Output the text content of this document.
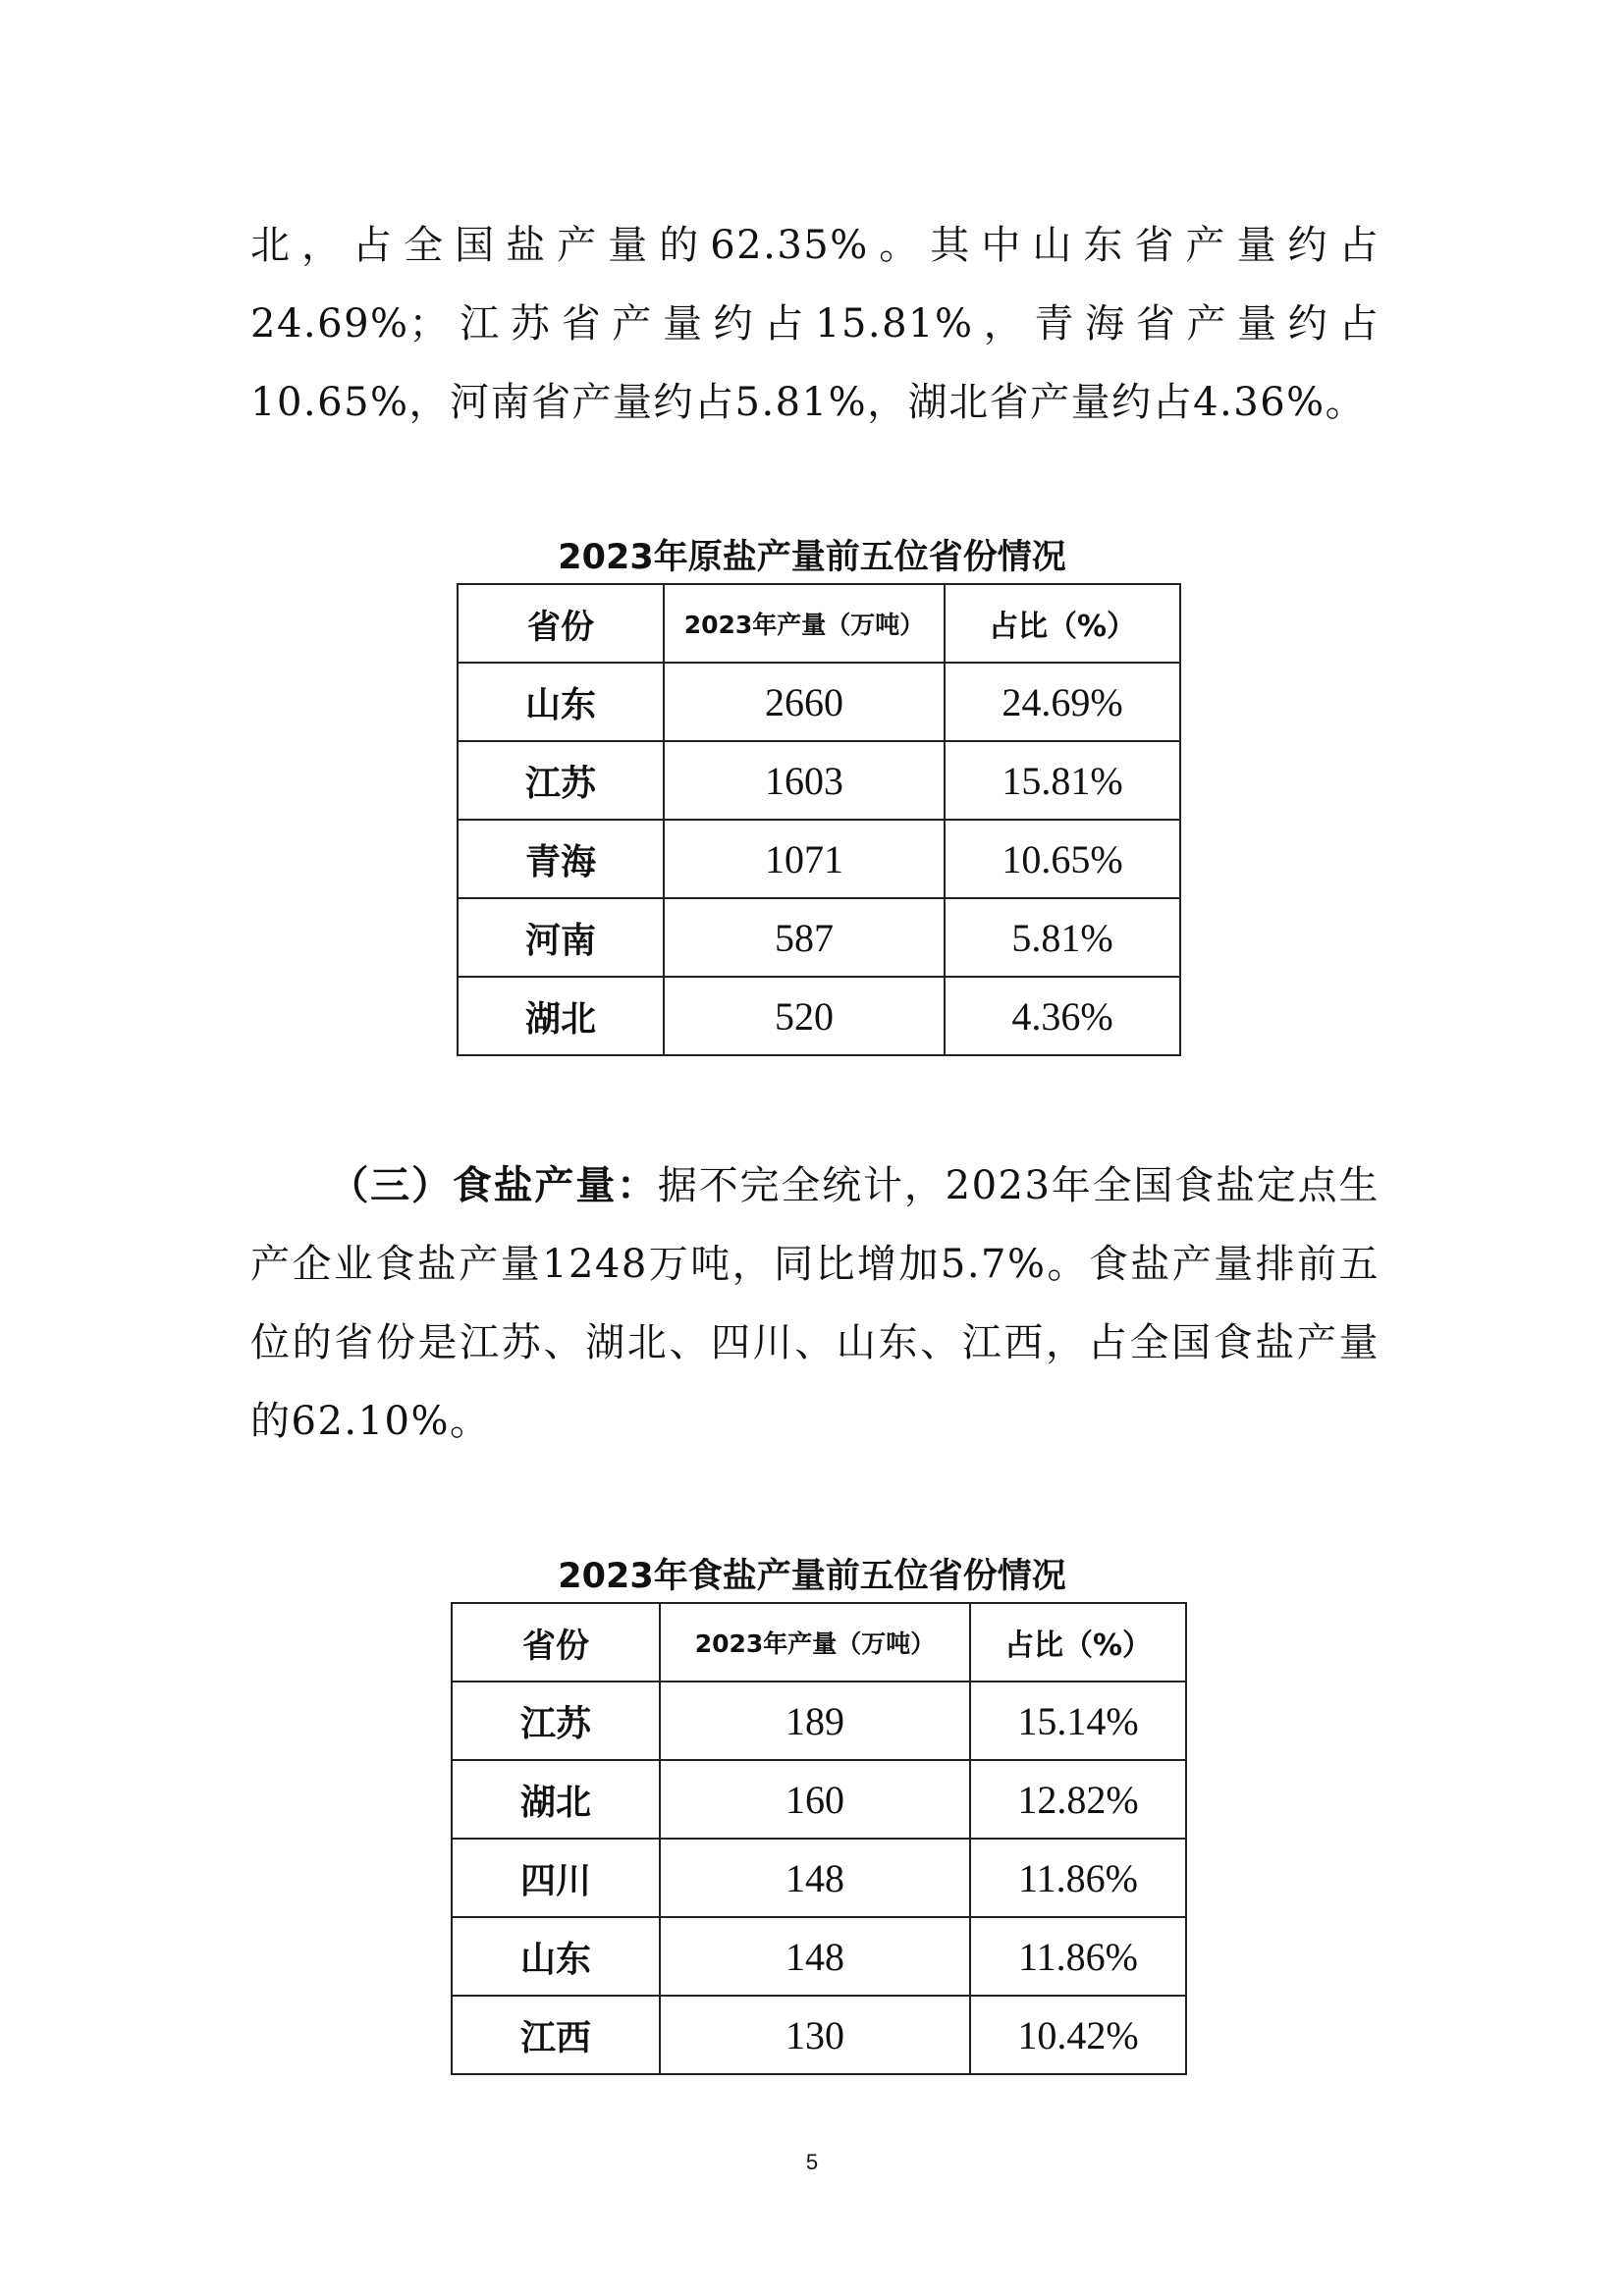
北，占全国盐产量的62.35%。其中山东省产量约占24.69%；江苏省产量约占15.81%，青海省产量约占10.65%，河南省产量约占5.81%，湖北省产量约占4.36%。

2023年原盐产量前五位省份情况

省份	2023年产量（万吨）	占比（%）
山东	2660	24.69%
江苏	1603	15.81%
青海	1071	10.65%
河南	587	5.81%
湖北	520	4.36%

（三）食盐产量：据不完全统计，2023年全国食盐定点生产企业食盐产量1248万吨，同比增加5.7%。食盐产量排前五位的省份是江苏、湖北、四川、山东、江西，占全国食盐产量的62.10%。

2023年食盐产量前五位省份情况

省份	2023年产量（万吨）	占比（%）
江苏	189	15.14%
湖北	160	12.82%
四川	148	11.86%
山东	148	11.86%
江西	130	10.42%
5
